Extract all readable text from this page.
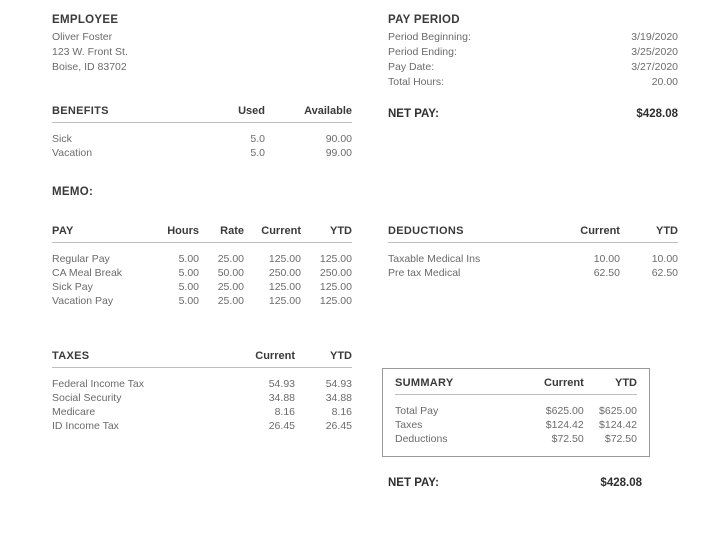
EMPLOYEE
Oliver Foster
123 W. Front St.
Boise, ID 83702
BENEFITS	Used	Available
Sick	5.0	90.00
Vacation	5.0	99.00
MEMO:
PAY PERIOD
Period Beginning:	3/19/2020
Period Ending:	3/25/2020
Pay Date:	3/27/2020
Total Hours:	20.00
NET PAY:	$428.08
PAY	Hours	Rate	Current	YTD
Regular Pay	5.00	25.00	125.00	125.00
CA Meal Break	5.00	50.00	250.00	250.00
Sick Pay	5.00	25.00	125.00	125.00
Vacation Pay	5.00	25.00	125.00	125.00
DEDUCTIONS	Current	YTD
Taxable Medical Ins	10.00	10.00
Pre tax Medical	62.50	62.50
TAXES	Current	YTD
Federal Income Tax	54.93	54.93
Social Security	34.88	34.88
Medicare	8.16	8.16
ID Income Tax	26.45	26.45
SUMMARY	Current	YTD
Total Pay	$625.00	$625.00
Taxes	$124.42	$124.42
Deductions	$72.50	$72.50
NET PAY:	$428.08
